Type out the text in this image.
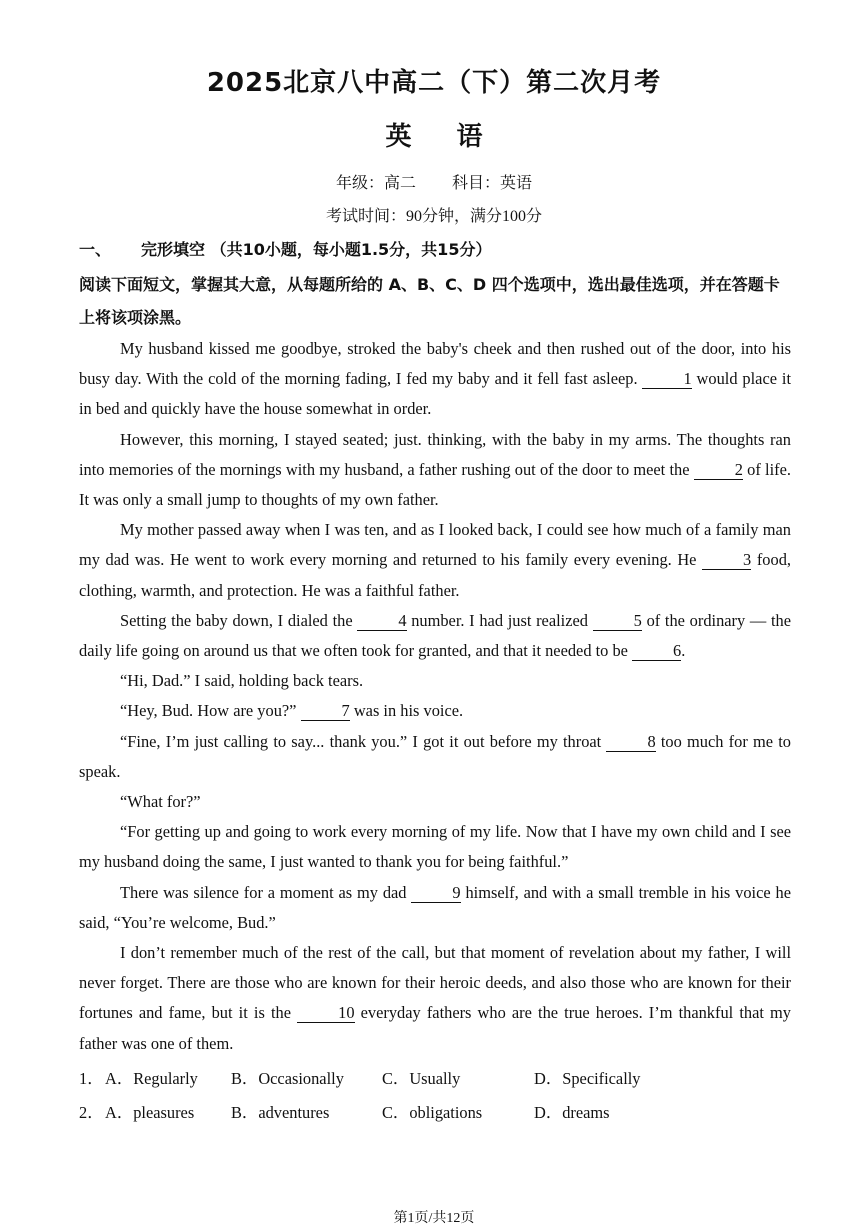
2025北京八中高二（下）第二次月考
英 语
年级：高二 科目：英语
考试时间：90分钟，满分100分
一、 完形填空 （共10小题，每小题1.5分，共15分）
阅读下面短文，掌握其大意，从每题所给的 A、B、C、D 四个选项中，选出最佳选项，并在答题卡上将该项涂黑。

My husband kissed me goodbye, stroked the baby's cheek and then rushed out of the door, into his busy day. With the cold of the morning fading, I fed my baby and it fell fast asleep.	1 would place it in bed and quickly have the house somewhat in order.

However, this morning, I stayed seated; just. thinking, with the baby in my arms. The thoughts ran into memories of the mornings with my husband, a father rushing out of the door to meet the	2 of life. It was only a small jump to thoughts of my own father.

My mother passed away when I was ten, and as I looked back, I could see how much of a family man my dad was. He went to work every morning and returned to his family every evening. He	3 food, clothing, warmth, and protection. He was a faithful father.

Setting the baby down, I dialed the	4 number. I had just realized	5 of the ordinary — the daily life going on around us that we often took for granted, and that it needed to be	6.

“Hi, Dad.” I said, holding back tears.

“Hey, Bud. How are you?”	7 was in his voice.

“Fine, I’m just calling to say... thank you.” I got it out before my throat	8 too much for me to speak.

“What for?”

“For getting up and going to work every morning of my life. Now that I have my own child and I see my husband doing the same, I just wanted to thank you for being faithful.”

There was silence for a moment as my dad	9 himself, and with a small tremble in his voice he said, “You’re welcome, Bud.”

I don’t remember much of the rest of the call, but that moment of revelation about my father, I will never forget. There are those who are known for their heroic deeds, and also those who are known for their fortunes and fame, but it is the	10 everyday fathers who are the true heroes. I’m thankful that my father was one of them.

1． A．Regularly B．Occasionally C．Usually	D．Specifically
2． A．pleasures B．adventures	C．obligations	D．dreams
第1页/共12页
